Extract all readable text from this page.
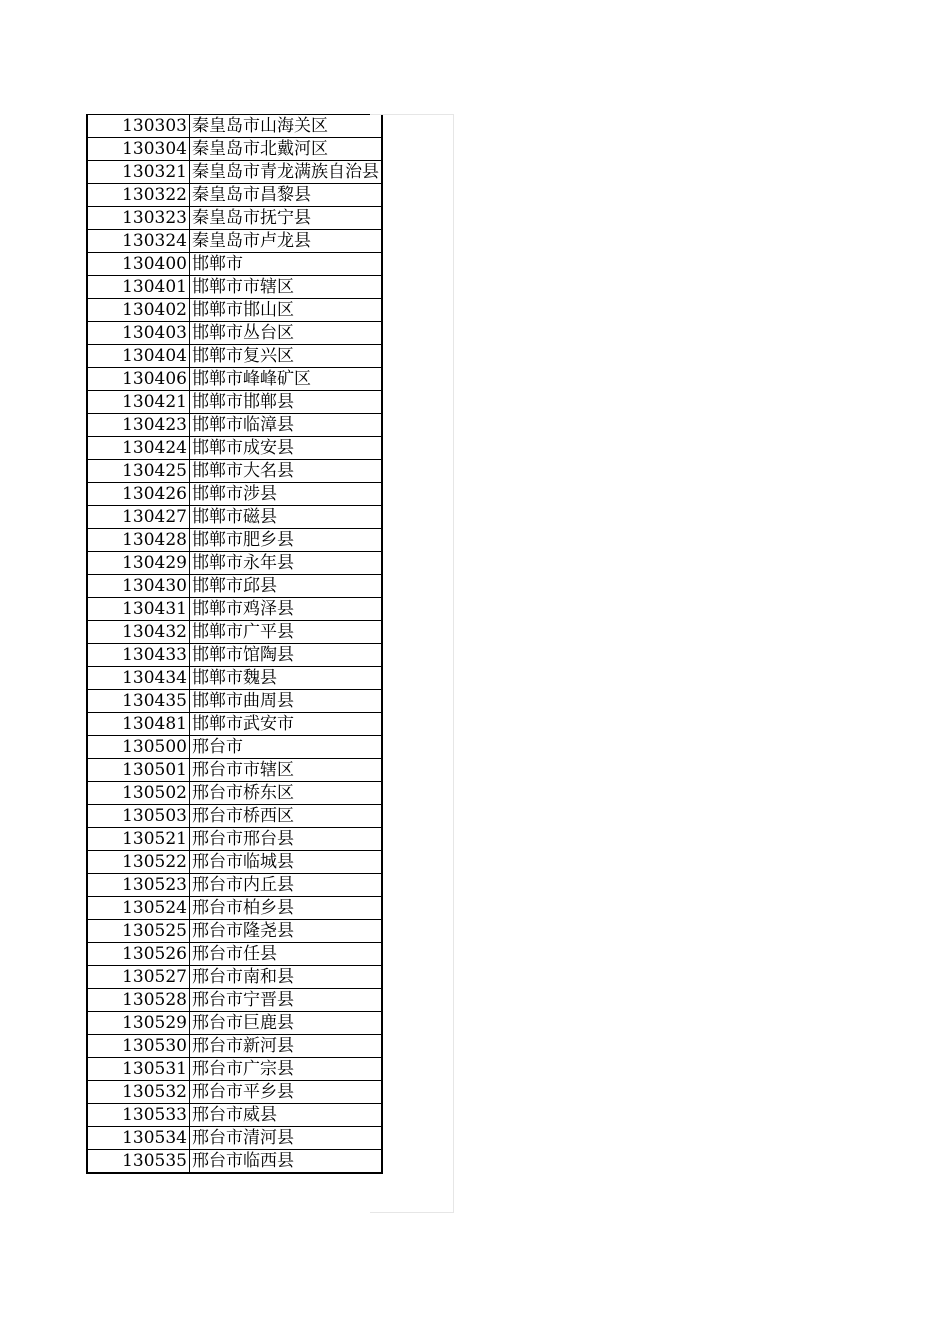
130303	秦皇岛市山海关区
130304	秦皇岛市北戴河区
130321	秦皇岛市青龙满族自治县
130322	秦皇岛市昌黎县
130323	秦皇岛市抚宁县
130324	秦皇岛市卢龙县
130400	邯郸市
130401	邯郸市市辖区
130402	邯郸市邯山区
130403	邯郸市丛台区
130404	邯郸市复兴区
130406	邯郸市峰峰矿区
130421	邯郸市邯郸县
130423	邯郸市临漳县
130424	邯郸市成安县
130425	邯郸市大名县
130426	邯郸市涉县
130427	邯郸市磁县
130428	邯郸市肥乡县
130429	邯郸市永年县
130430	邯郸市邱县
130431	邯郸市鸡泽县
130432	邯郸市广平县
130433	邯郸市馆陶县
130434	邯郸市魏县
130435	邯郸市曲周县
130481	邯郸市武安市
130500	邢台市
130501	邢台市市辖区
130502	邢台市桥东区
130503	邢台市桥西区
130521	邢台市邢台县
130522	邢台市临城县
130523	邢台市内丘县
130524	邢台市柏乡县
130525	邢台市隆尧县
130526	邢台市任县
130527	邢台市南和县
130528	邢台市宁晋县
130529	邢台市巨鹿县
130530	邢台市新河县
130531	邢台市广宗县
130532	邢台市平乡县
130533	邢台市威县
130534	邢台市清河县
130535	邢台市临西县
